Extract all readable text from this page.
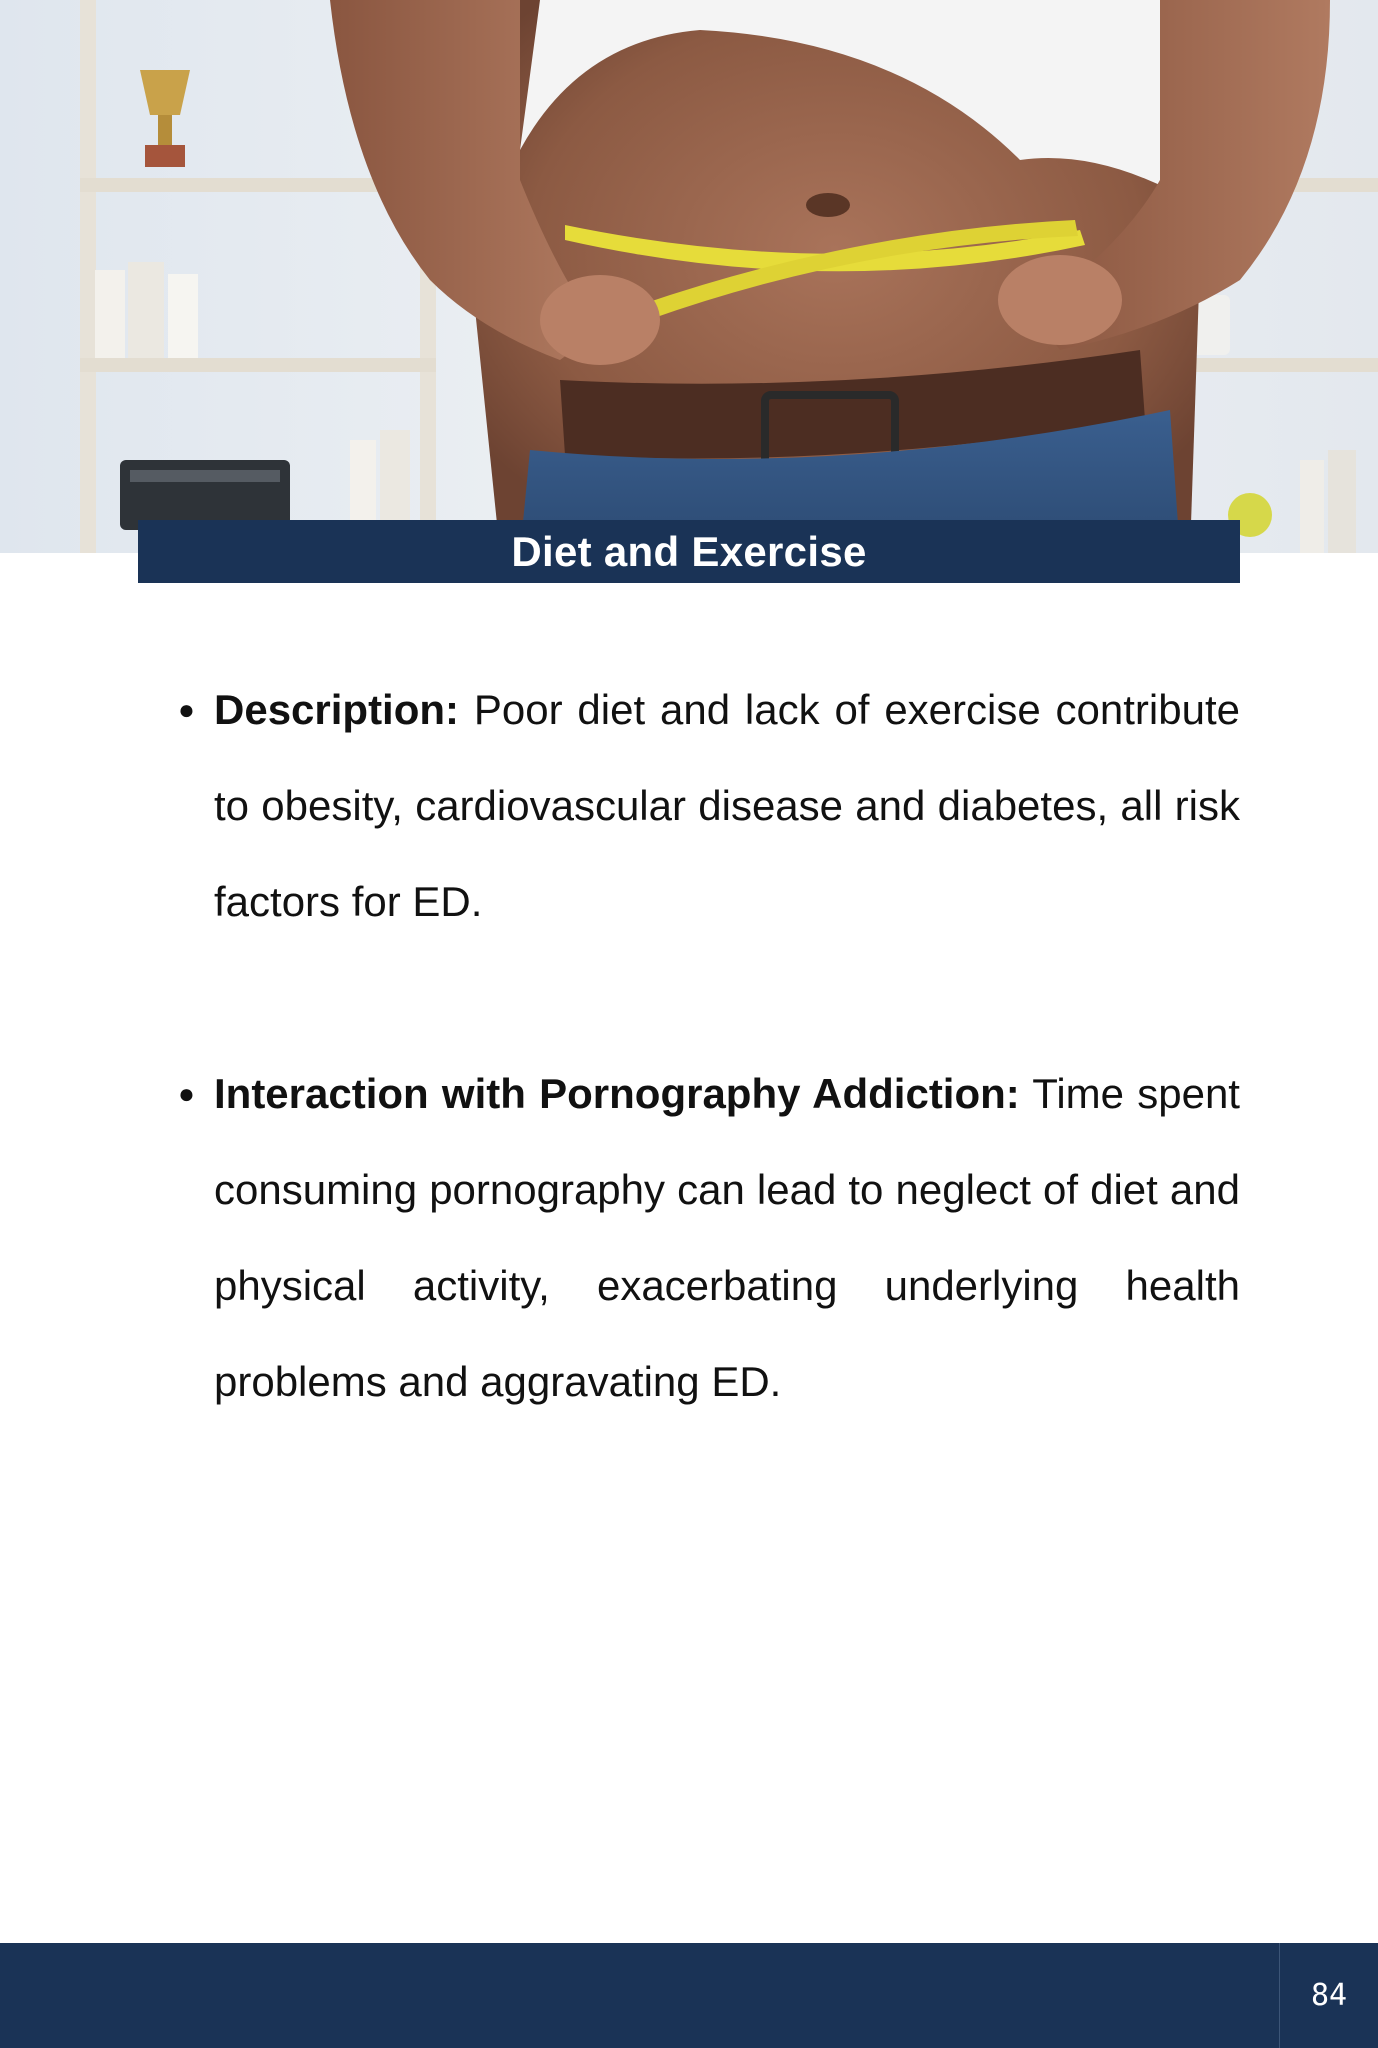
Diet and Exercise

● Description: Poor diet and lack of exercise contribute to obesity, cardiovascular disease and diabetes, all risk factors for ED.

● Interaction with Pornography Addiction: Time spent consuming pornography can lead to neglect of diet and physical activity, exacerbating underlying health problems and aggravating ED.

84
